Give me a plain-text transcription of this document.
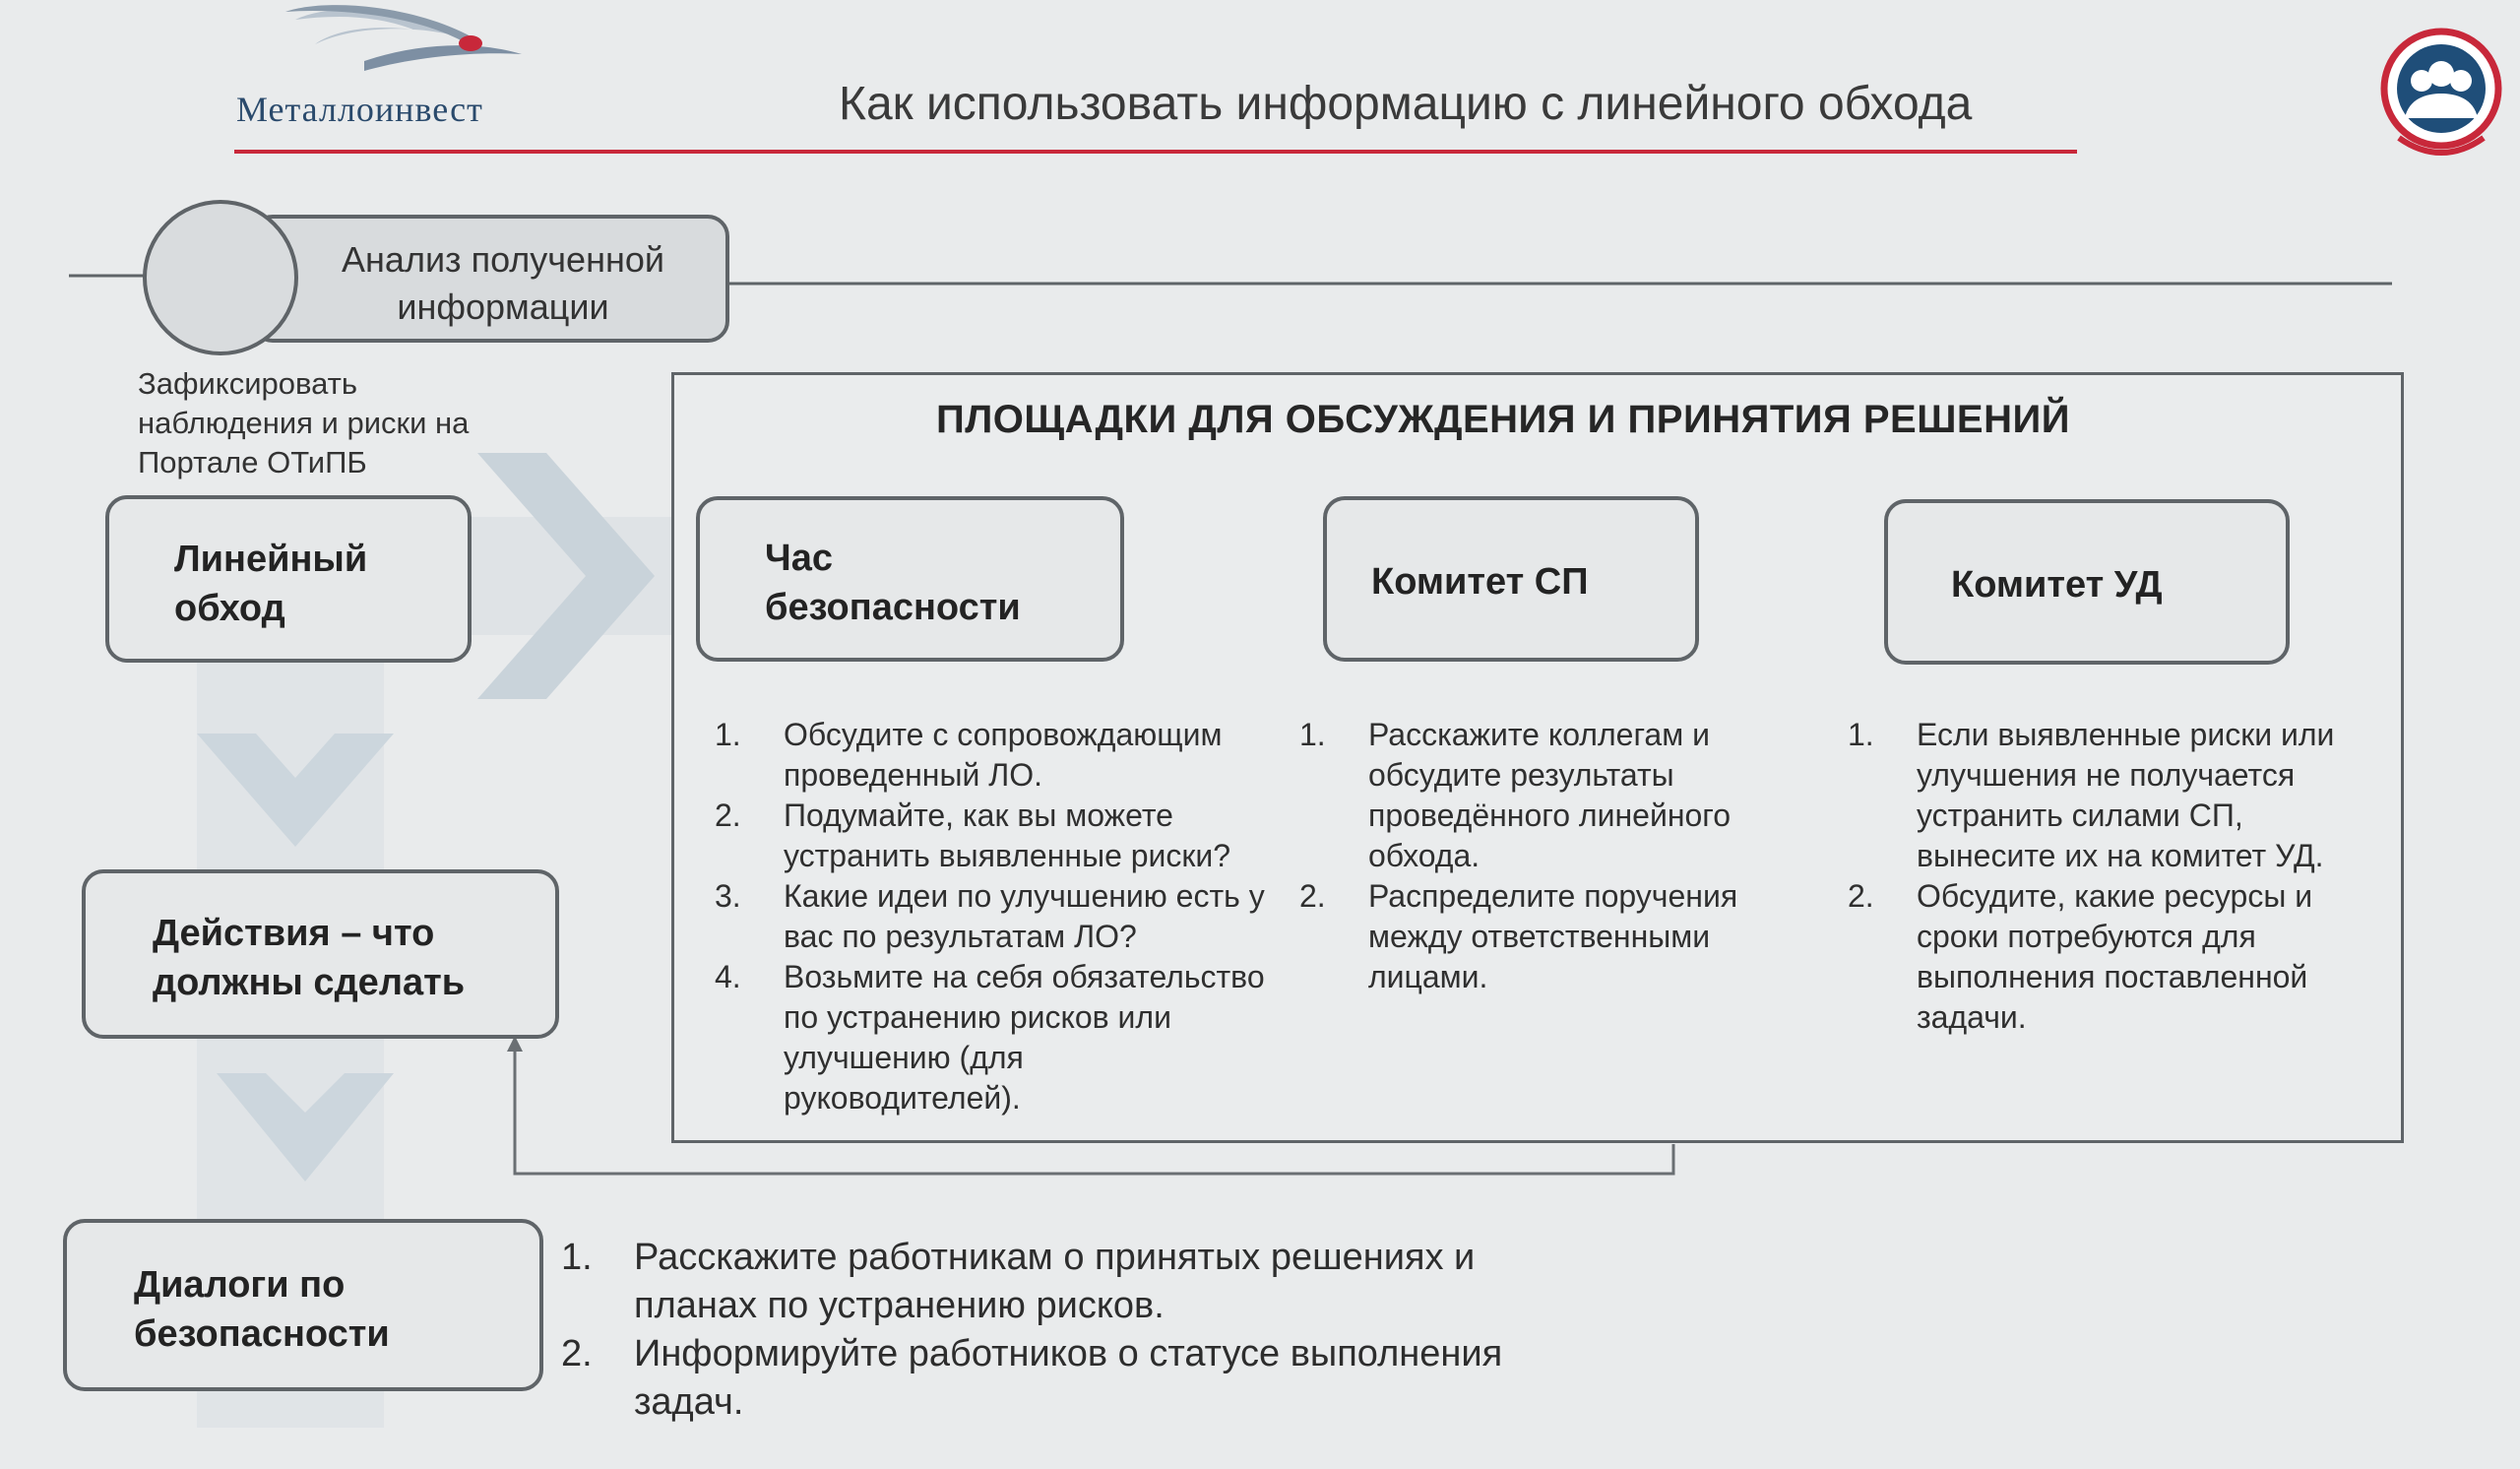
Металлоинвест	Как использовать информацию с линейного обхода
Анализ полученной информации
Зафиксировать наблюдения и риски на Портале ОТиПБ
Линейный обход
Действия – что должны сделать
Диалоги по безопасности
ПЛОЩАДКИ ДЛЯ ОБСУЖДЕНИЯ И ПРИНЯТИЯ РЕШЕНИЙ
Час безопасности
1. Обсудите с сопровождающим проведенный ЛО.
2. Подумайте, как вы можете устранить выявленные риски?
3. Какие идеи по улучшению есть у вас по результатам ЛО?
4. Возьмите на себя обязательство по устранению рисков или улучшению (для руководителей).
Комитет СП
1. Расскажите коллегам и обсудите результаты проведённого линейного обхода.
2. Распределите поручения между ответственными лицами.
Комитет УД
1. Если выявленные риски или улучшения не получается устранить силами СП, вынесите их на комитет УД.
2. Обсудите, какие ресурсы и сроки потребуются для выполнения поставленной задачи.
1. Расскажите работникам о принятых решениях и планах по устранению рисков.
2. Информируйте работников о статусе выполнения задач.
